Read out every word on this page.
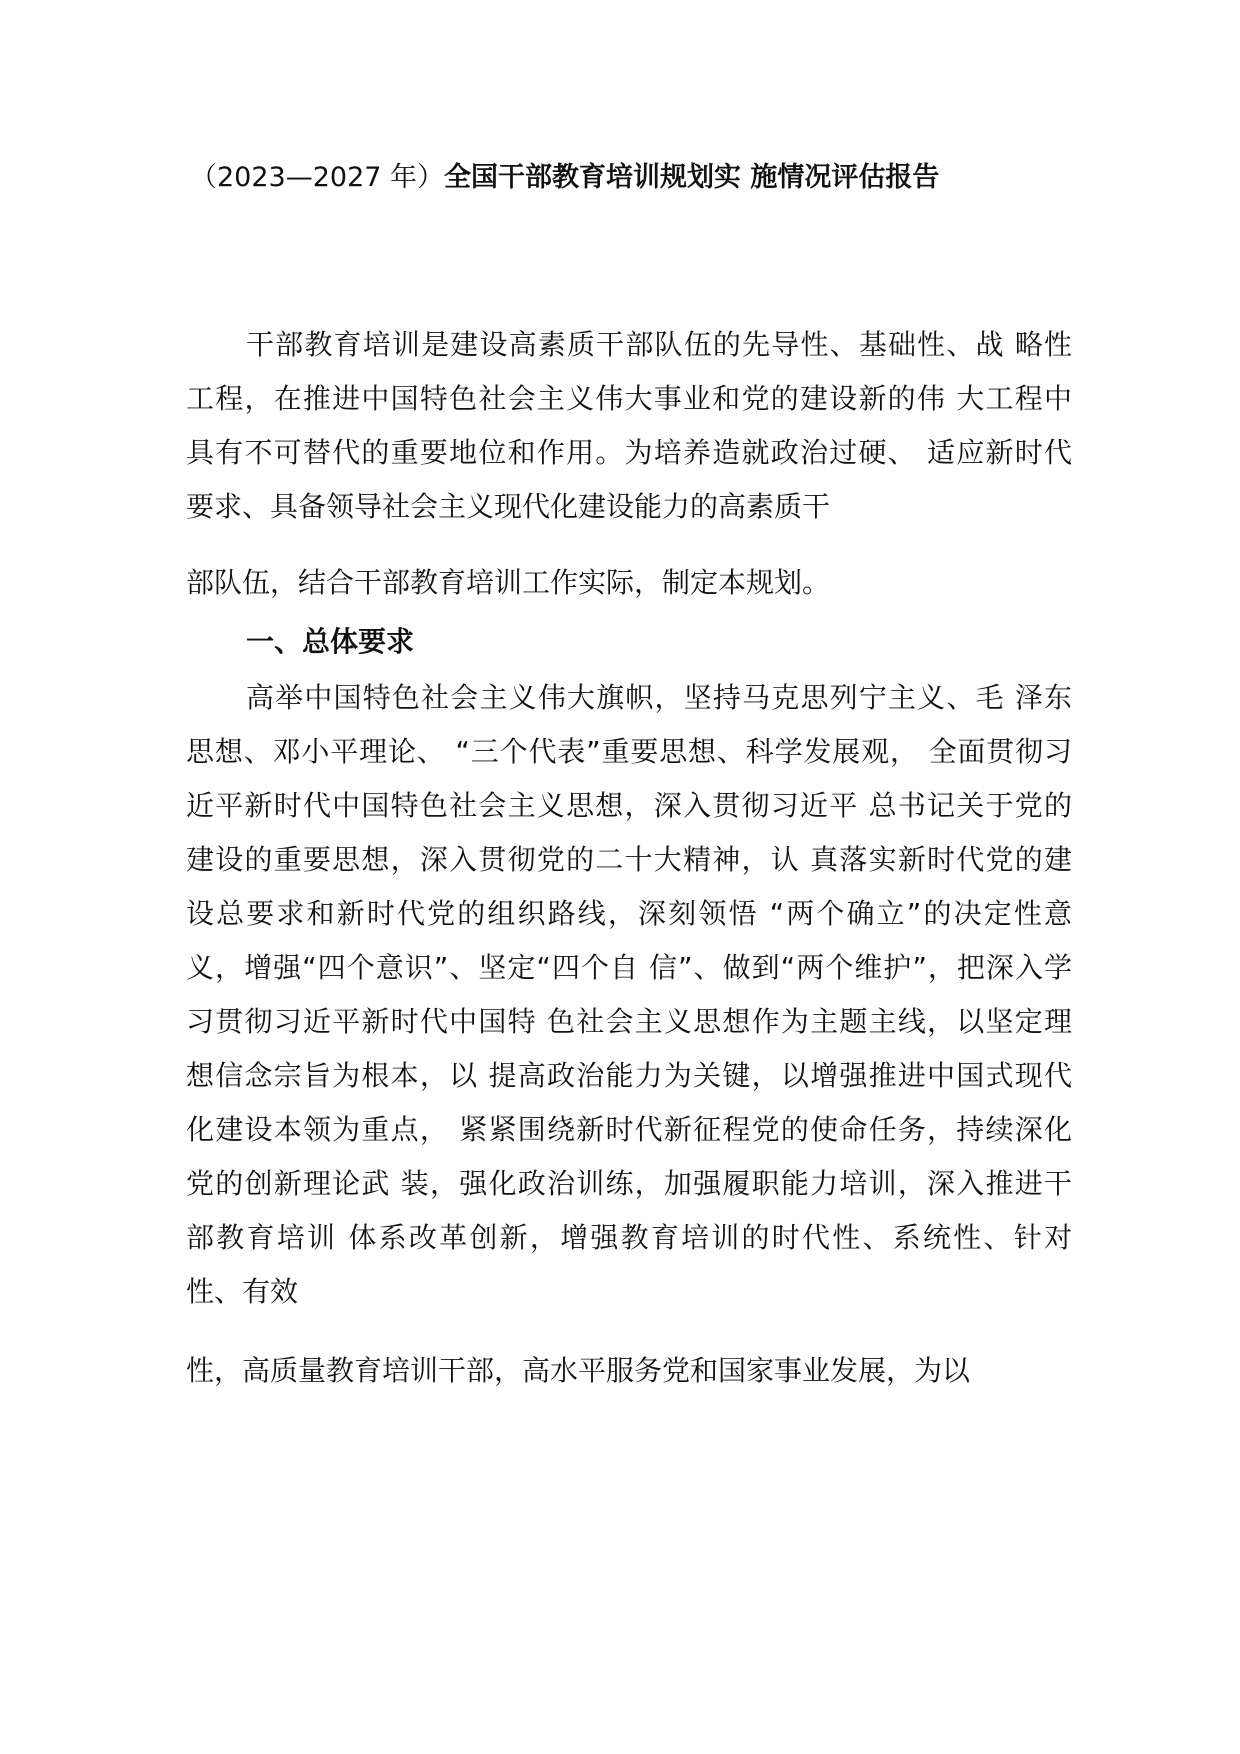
（2023—2027 年）全国干部教育培训规划实 施情况评估报告
干部教育培训是建设高素质干部队伍的先导性、基础性、战 略性
工程，在推进中国特色社会主义伟大事业和党的建设新的伟 大工程中
具有不可替代的重要地位和作用。为培养造就政治过硬、 适应新时代
要求、具备领导社会主义现代化建设能力的高素质干
部队伍，结合干部教育培训工作实际，制定本规划。
一、总体要求
高举中国特色社会主义伟大旗帜，坚持马克思列宁主义、毛 泽东
思想、邓小平理论、 “三个代表”重要思想、科学发展观， 全面贯彻习
近平新时代中国特色社会主义思想，深入贯彻习近平 总书记关于党的
建设的重要思想，深入贯彻党的二十大精神，认 真落实新时代党的建
设总要求和新时代党的组织路线，深刻领悟 “两个确立”的决定性意
义，增强“四个意识”、坚定“四个自 信”、做到“两个维护”，把深入学
习贯彻习近平新时代中国特 色社会主义思想作为主题主线，以坚定理
想信念宗旨为根本，以 提高政治能力为关键，以增强推进中国式现代
化建设本领为重点， 紧紧围绕新时代新征程党的使命任务，持续深化
党的创新理论武 装，强化政治训练，加强履职能力培训，深入推进干
部教育培训 体系改革创新，增强教育培训的时代性、系统性、针对
性、有效
性，高质量教育培训干部，高水平服务党和国家事业发展，为以
